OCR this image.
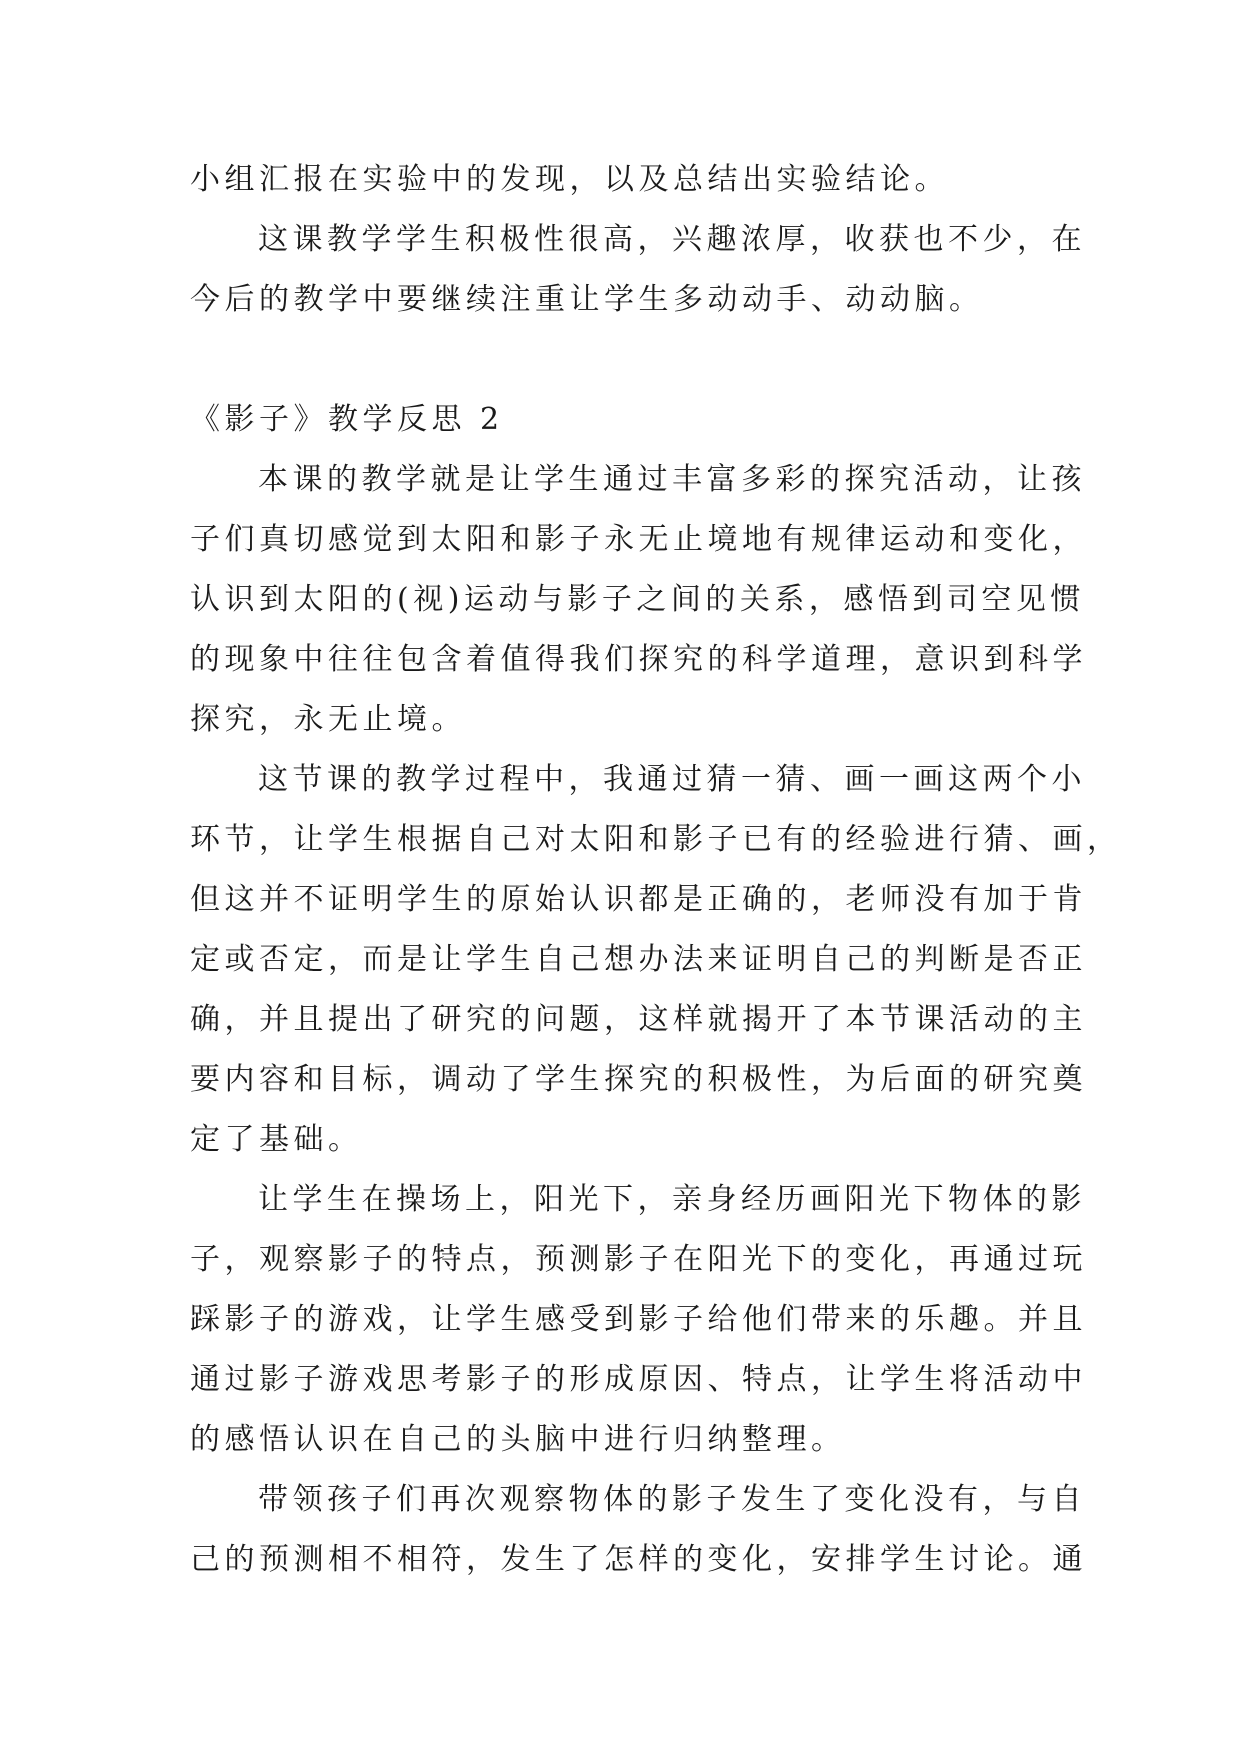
小组汇报在实验中的发现，以及总结出实验结论。
这课教学学生积极性很高，兴趣浓厚，收获也不少，在
今后的教学中要继续注重让学生多动动手、动动脑。
《影子》教学反思 2
本课的教学就是让学生通过丰富多彩的探究活动，让孩
子们真切感觉到太阳和影子永无止境地有规律运动和变化，
认识到太阳的(视)运动与影子之间的关系，感悟到司空见惯
的现象中往往包含着值得我们探究的科学道理，意识到科学
探究，永无止境。
这节课的教学过程中，我通过猜一猜、画一画这两个小
环节，让学生根据自己对太阳和影子已有的经验进行猜、画，
但这并不证明学生的原始认识都是正确的，老师没有加于肯
定或否定，而是让学生自己想办法来证明自己的判断是否正
确，并且提出了研究的问题，这样就揭开了本节课活动的主
要内容和目标，调动了学生探究的积极性，为后面的研究奠
定了基础。
让学生在操场上，阳光下，亲身经历画阳光下物体的影
子，观察影子的特点，预测影子在阳光下的变化，再通过玩
踩影子的游戏，让学生感受到影子给他们带来的乐趣。并且
通过影子游戏思考影子的形成原因、特点，让学生将活动中
的感悟认识在自己的头脑中进行归纳整理。
带领孩子们再次观察物体的影子发生了变化没有，与自
己的预测相不相符，发生了怎样的变化，安排学生讨论。通
